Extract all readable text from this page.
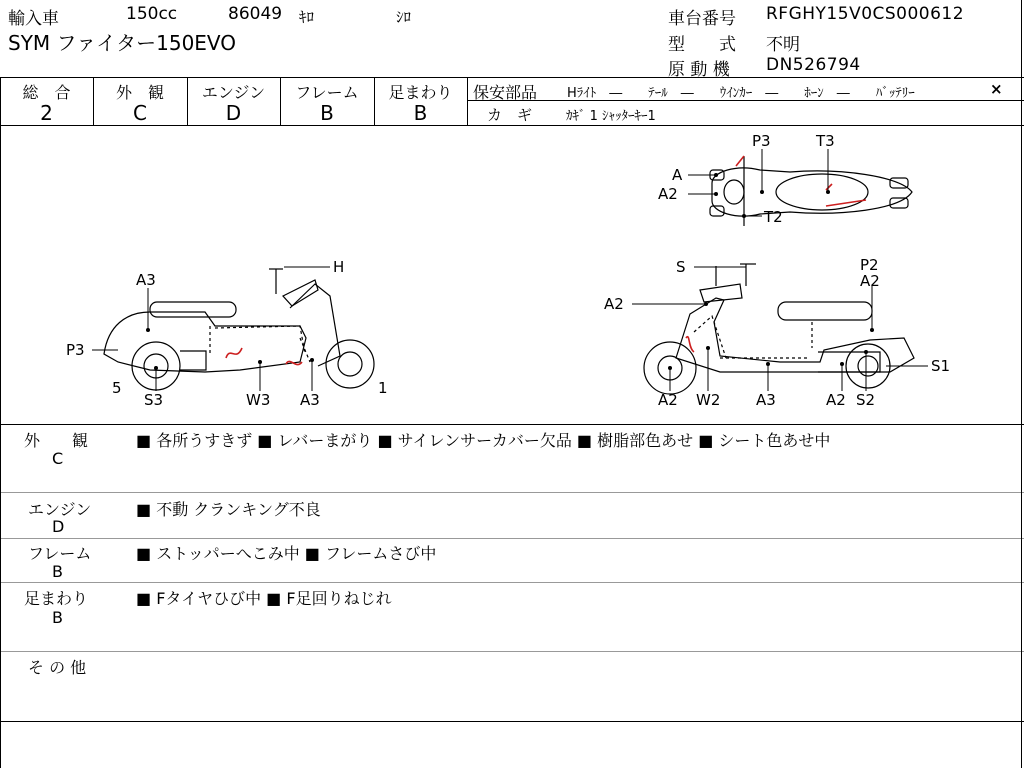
輸入車	150cc	86049 ｷﾛ	ｼﾛ
SYM ファイター150EVO
車台番号 RFGHY15V0CS000612
型　　式 不明
原 動 機 DN526794
総　合
2
外　観
C
エンジン
D
フレーム
B
足まわり
B
保安部品 Hﾗｲﾄ　―　　ﾃｰﾙ　―　　ｳｲﾝｶｰ　―　　ﾎｰﾝ　―　　ﾊﾞｯﾃﾘｰ	×
カ　ギ	ｶｷﾞ 1 ｼｬｯﾀｰｷｰ1
H
A3
P3
5
S3	W3 A3
1
S	P2
A2
A2
S1
A2 W2 A3	A2 S2
P3	T3
A
A2
T2
外　　観
C
■ 各所うすきず ■ レバーまがり ■ サイレンサーカバー欠品 ■ 樹脂部色あせ ■ シート色あせ中
エンジン
D
■ 不動 クランキング不良
フレーム
B
■ ストッパーへこみ中 ■ フレームさび中
足まわり
B
■ Fタイヤひび中 ■ F足回りねじれ
そ の 他
